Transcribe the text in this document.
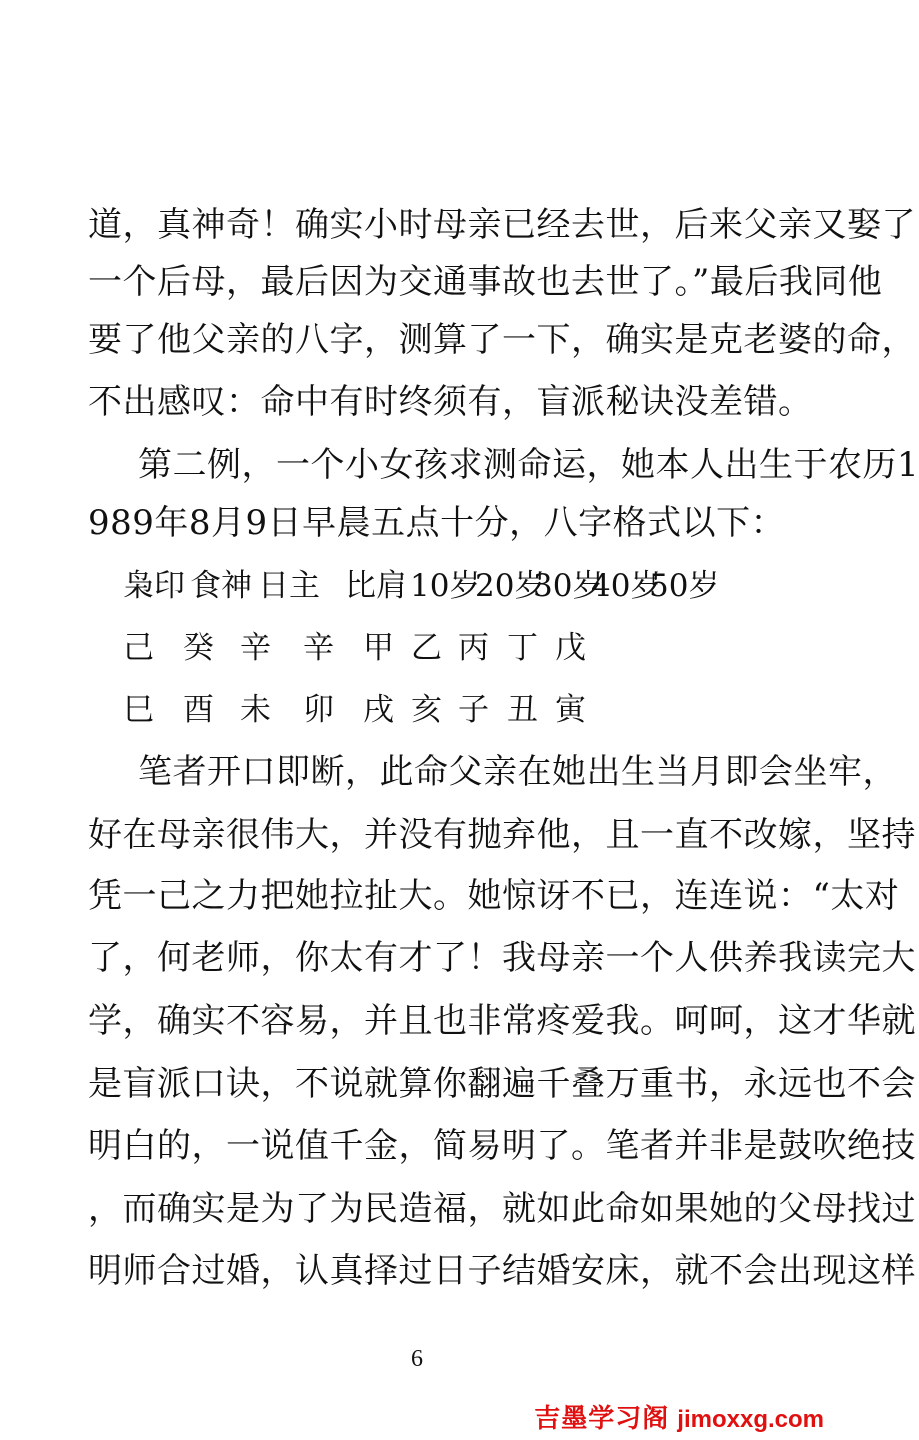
道，真神奇！确实小时母亲已经去世，后来父亲又娶了
一个后母，最后因为交通事故也去世了。”最后我同他
要了他父亲的八字，测算了一下，确实是克老婆的命，
不出感叹：命中有时终须有，盲派秘诀没差错。
第二例，一个小女孩求测命运，她本人出生于农历1
989年8月9日早晨五点十分，八字格式以下：
枭印 食神 日主 比肩 10岁
20岁
30岁
40岁
50岁
己 癸 辛 辛 甲 乙 丙 丁 戊
巳 酉 未 卯 戌 亥 子 丑 寅
笔者开口即断，此命父亲在她出生当月即会坐牢，
好在母亲很伟大，并没有抛弃他，且一直不改嫁，坚持
凭一己之力把她拉扯大。她惊讶不已，连连说：“太对
了，何老师，你太有才了！我母亲一个人供养我读完大
学，确实不容易，并且也非常疼爱我。呵呵，这才华就
是盲派口诀，不说就算你翻遍千叠万重书，永远也不会
明白的，一说值千金，简易明了。笔者并非是鼓吹绝技
，而确实是为了为民造福，就如此命如果她的父母找过
明师合过婚，认真择过日子结婚安床，就不会出现这样
6
吉墨学习阁 jimoxxg.com
